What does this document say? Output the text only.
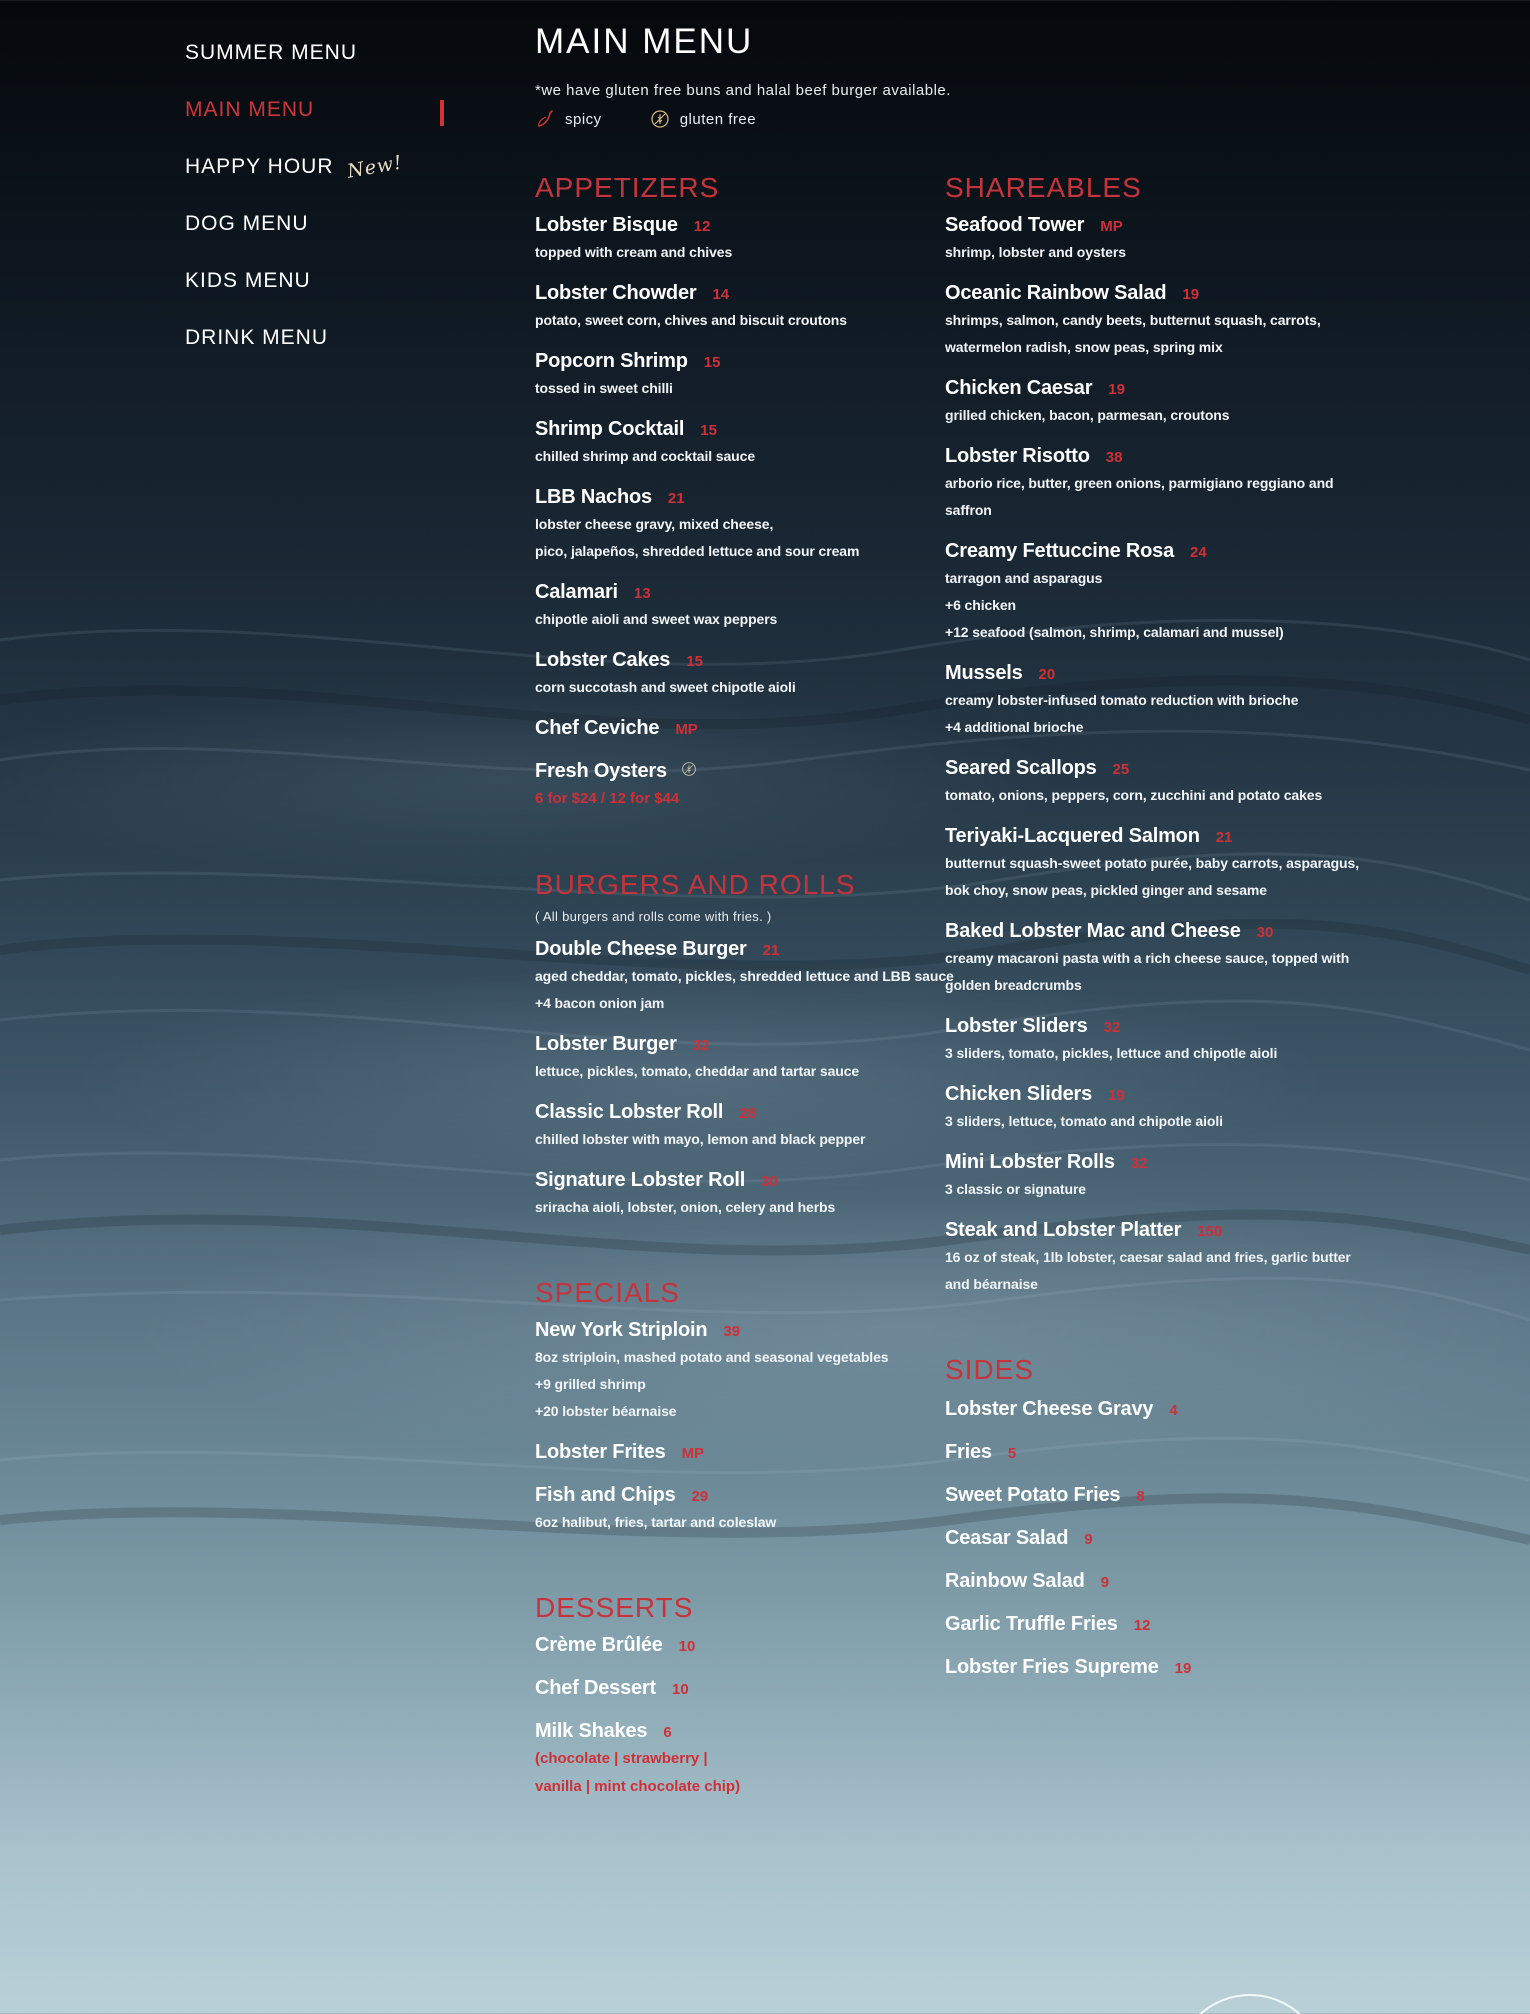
SUMMER MENU
MAIN MENU
HAPPY HOUR New!
DOG MENU
KIDS MENU
DRINK MENU
MAIN MENU

*we have gluten free buns and halal beef burger available.

spicy	gluten free
APPETIZERS
Lobster Bisque 12
topped with cream and chives
Lobster Chowder 14
potato, sweet corn, chives and biscuit croutons
Popcorn Shrimp 15
tossed in sweet chilli
Shrimp Cocktail 15
chilled shrimp and cocktail sauce
LBB Nachos 21
lobster cheese gravy, mixed cheese,
pico, jalapeños, shredded lettuce and sour cream
Calamari 13
chipotle aioli and sweet wax peppers
Lobster Cakes 15
corn succotash and sweet chipotle aioli
Chef Ceviche MP
Fresh Oysters
6 for $24 / 12 for $44
BURGERS AND ROLLS

( All burgers and rolls come with fries. )

Double Cheese Burger 21
aged cheddar, tomato, pickles, shredded lettuce and LBB sauce
+4 bacon onion jam
Lobster Burger 32
lettuce, pickles, tomato, cheddar and tartar sauce
Classic Lobster Roll 28
chilled lobster with mayo, lemon and black pepper
Signature Lobster Roll 30
sriracha aioli, lobster, onion, celery and herbs
SPECIALS
New York Striploin 39
8oz striploin, mashed potato and seasonal vegetables
+9 grilled shrimp
+20 lobster béarnaise
Lobster Frites MP
Fish and Chips 29
6oz halibut, fries, tartar and coleslaw
DESSERTS
Crème Brûlée 10
Chef Dessert 10
Milk Shakes 6
(chocolate | strawberry |
vanilla | mint chocolate chip)
SHAREABLES
Seafood Tower MP
shrimp, lobster and oysters
Oceanic Rainbow Salad 19
shrimps, salmon, candy beets, butternut squash, carrots,
watermelon radish, snow peas, spring mix
Chicken Caesar 19
grilled chicken, bacon, parmesan, croutons
Lobster Risotto 38
arborio rice, butter, green onions, parmigiano reggiano and
saffron
Creamy Fettuccine Rosa 24
tarragon and asparagus
+6 chicken
+12 seafood (salmon, shrimp, calamari and mussel)
Mussels 20
creamy lobster-infused tomato reduction with brioche
+4 additional brioche
Seared Scallops 25
tomato, onions, peppers, corn, zucchini and potato cakes
Teriyaki-Lacquered Salmon 21
butternut squash-sweet potato purée, baby carrots, asparagus,
bok choy, snow peas, pickled ginger and sesame
Baked Lobster Mac and Cheese 30
creamy macaroni pasta with a rich cheese sauce, topped with
golden breadcrumbs
Lobster Sliders 32
3 sliders, tomato, pickles, lettuce and chipotle aioli
Chicken Sliders 19
3 sliders, lettuce, tomato and chipotle aioli
Mini Lobster Rolls 32
3 classic or signature
Steak and Lobster Platter 150
16 oz of steak, 1lb lobster, caesar salad and fries, garlic butter
and béarnaise
SIDES
Lobster Cheese Gravy 4
Fries 5
Sweet Potato Fries 8
Ceasar Salad 9
Rainbow Salad 9
Garlic Truffle Fries 12
Lobster Fries Supreme 19
